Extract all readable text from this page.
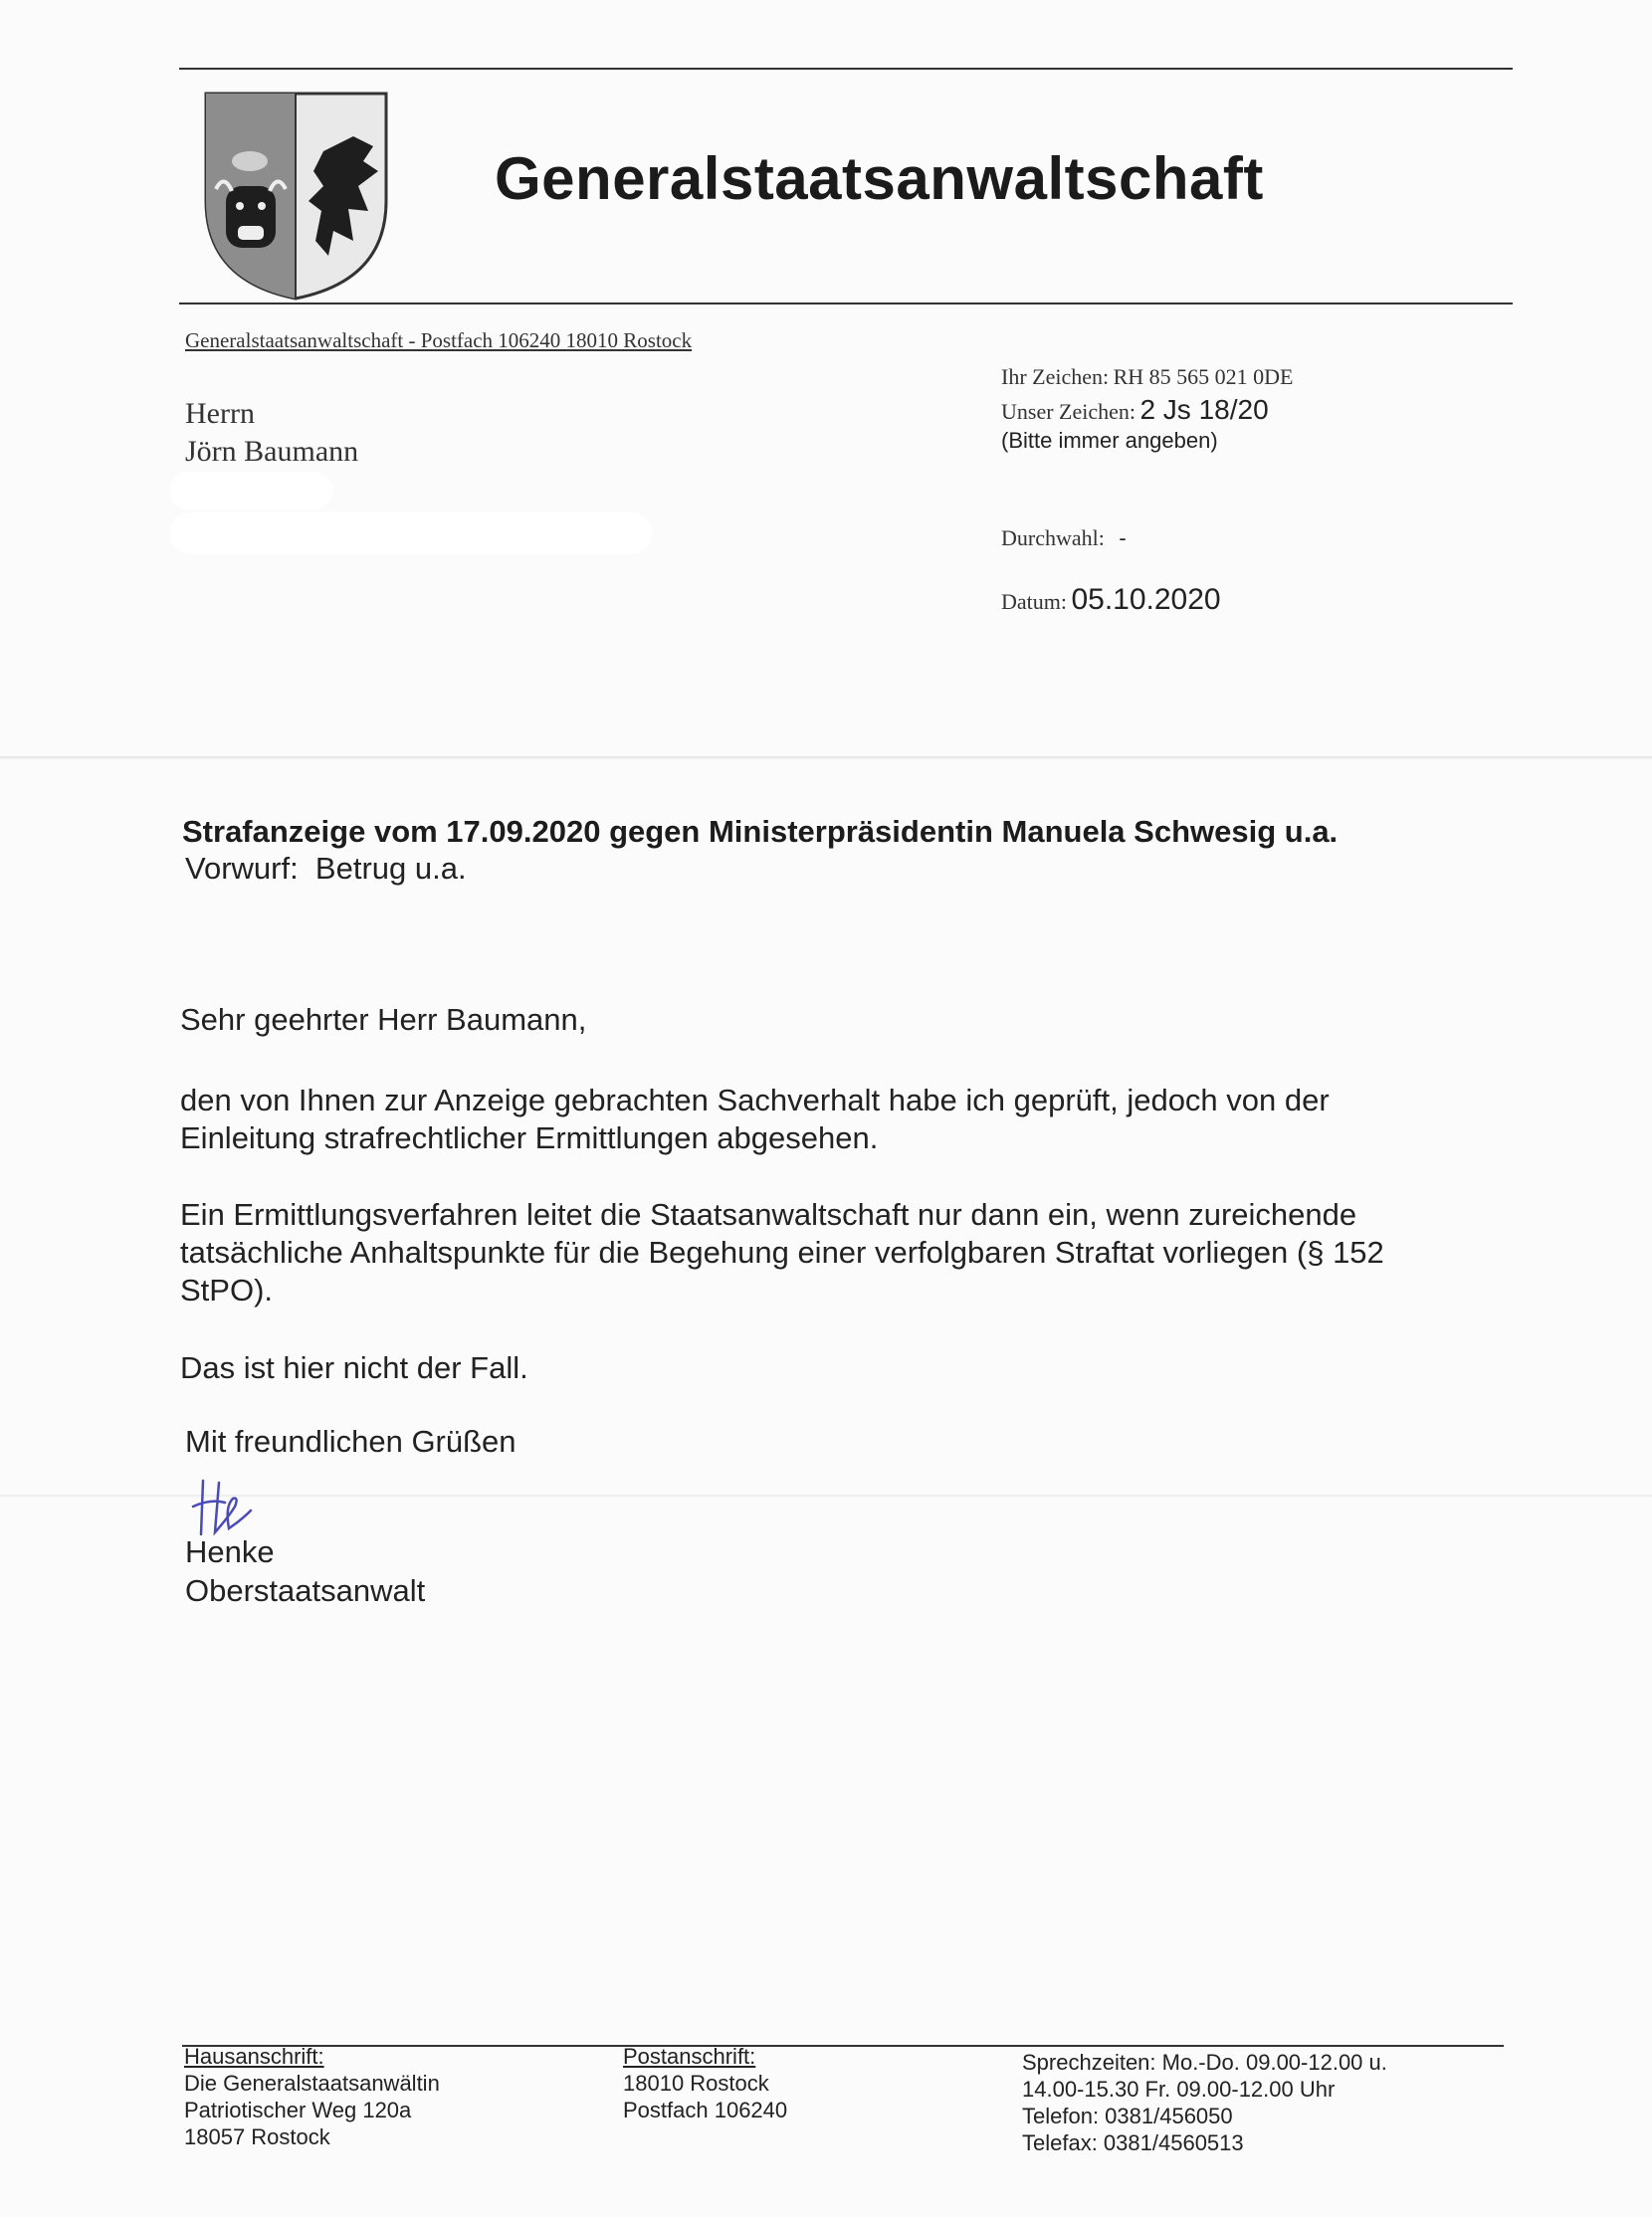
Generalstaatsanwaltschaft
Generalstaatsanwaltschaft - Postfach 106240 18010 Rostock
Herrn
Jörn Baumann
Ihr Zeichen: RH 85 565 021 0DE
Unser Zeichen: 2 Js 18/20
(Bitte immer angeben)
Durchwahl: -
Datum: 05.10.2020
Strafanzeige vom 17.09.2020 gegen Ministerpräsidentin Manuela Schwesig u.a.
Vorwurf:  Betrug u.a.
Sehr geehrter Herr Baumann,
den von Ihnen zur Anzeige gebrachten Sachverhalt habe ich geprüft, jedoch von der
Einleitung strafrechtlicher Ermittlungen abgesehen.
Ein Ermittlungsverfahren leitet die Staatsanwaltschaft nur dann ein, wenn zureichende
tatsächliche Anhaltspunkte für die Begehung einer verfolgbaren Straftat vorliegen (§ 152
StPO).
Das ist hier nicht der Fall.
Mit freundlichen Grüßen
Henke
Oberstaatsanwalt
Hausanschrift:
Die Generalstaatsanwältin
Patriotischer Weg 120a
18057 Rostock
Postanschrift:
18010 Rostock
Postfach 106240
Sprechzeiten: Mo.-Do. 09.00-12.00 u.
14.00-15.30 Fr. 09.00-12.00 Uhr
Telefon: 0381/456050
Telefax: 0381/4560513
